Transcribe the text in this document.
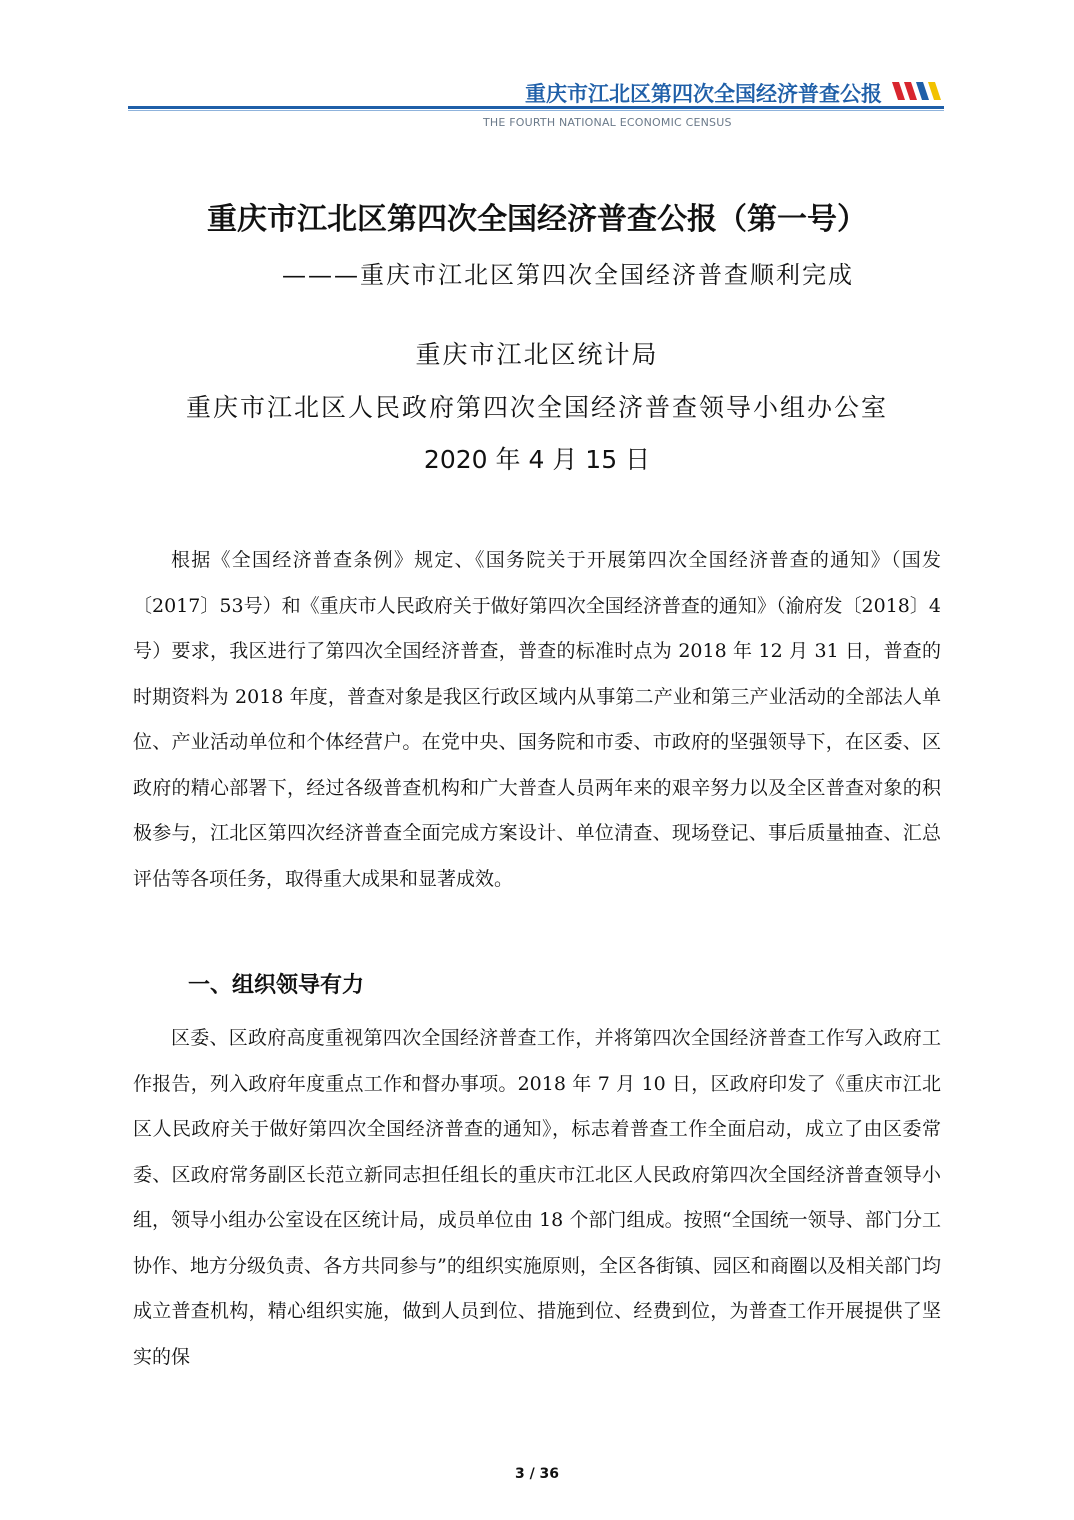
重庆市江北区第四次全国经济普查公报
THE FOURTH NATIONAL ECONOMIC CENSUS
重庆市江北区第四次全国经济普查公报（第一号）
———重庆市江北区第四次全国经济普查顺利完成
重庆市江北区统计局
重庆市江北区人民政府第四次全国经济普查领导小组办公室
2020 年 4 月 15 日
根据《全国经济普查条例》规定、《国务院关于开展第四次全国经济普查的通知》（国发〔2017〕53号）和《重庆市人民政府关于做好第四次全国经济普查的通知》（渝府发〔2018〕4 号）要求，我区进行了第四次全国经济普查，普查的标准时点为 2018 年 12 月 31 日，普查的时期资料为 2018 年度，普查对象是我区行政区域内从事第二产业和第三产业活动的全部法人单位、产业活动单位和个体经营户。在党中央、国务院和市委、市政府的坚强领导下，在区委、区政府的精心部署下，经过各级普查机构和广大普查人员两年来的艰辛努力以及全区普查对象的积极参与，江北区第四次经济普查全面完成方案设计、单位清查、现场登记、事后质量抽查、汇总评估等各项任务，取得重大成果和显著成效。
一、组织领导有力
区委、区政府高度重视第四次全国经济普查工作，并将第四次全国经济普查工作写入政府工作报告，列入政府年度重点工作和督办事项。2018 年 7 月 10 日，区政府印发了《重庆市江北区人民政府关于做好第四次全国经济普查的通知》，标志着普查工作全面启动，成立了由区委常委、区政府常务副区长范立新同志担任组长的重庆市江北区人民政府第四次全国经济普查领导小组，领导小组办公室设在区统计局，成员单位由 18 个部门组成。按照“全国统一领导、部门分工协作、地方分级负责、各方共同参与”的组织实施原则，全区各街镇、园区和商圈以及相关部门均成立普查机构，精心组织实施，做到人员到位、措施到位、经费到位，为普查工作开展提供了坚实的保
3 / 36
